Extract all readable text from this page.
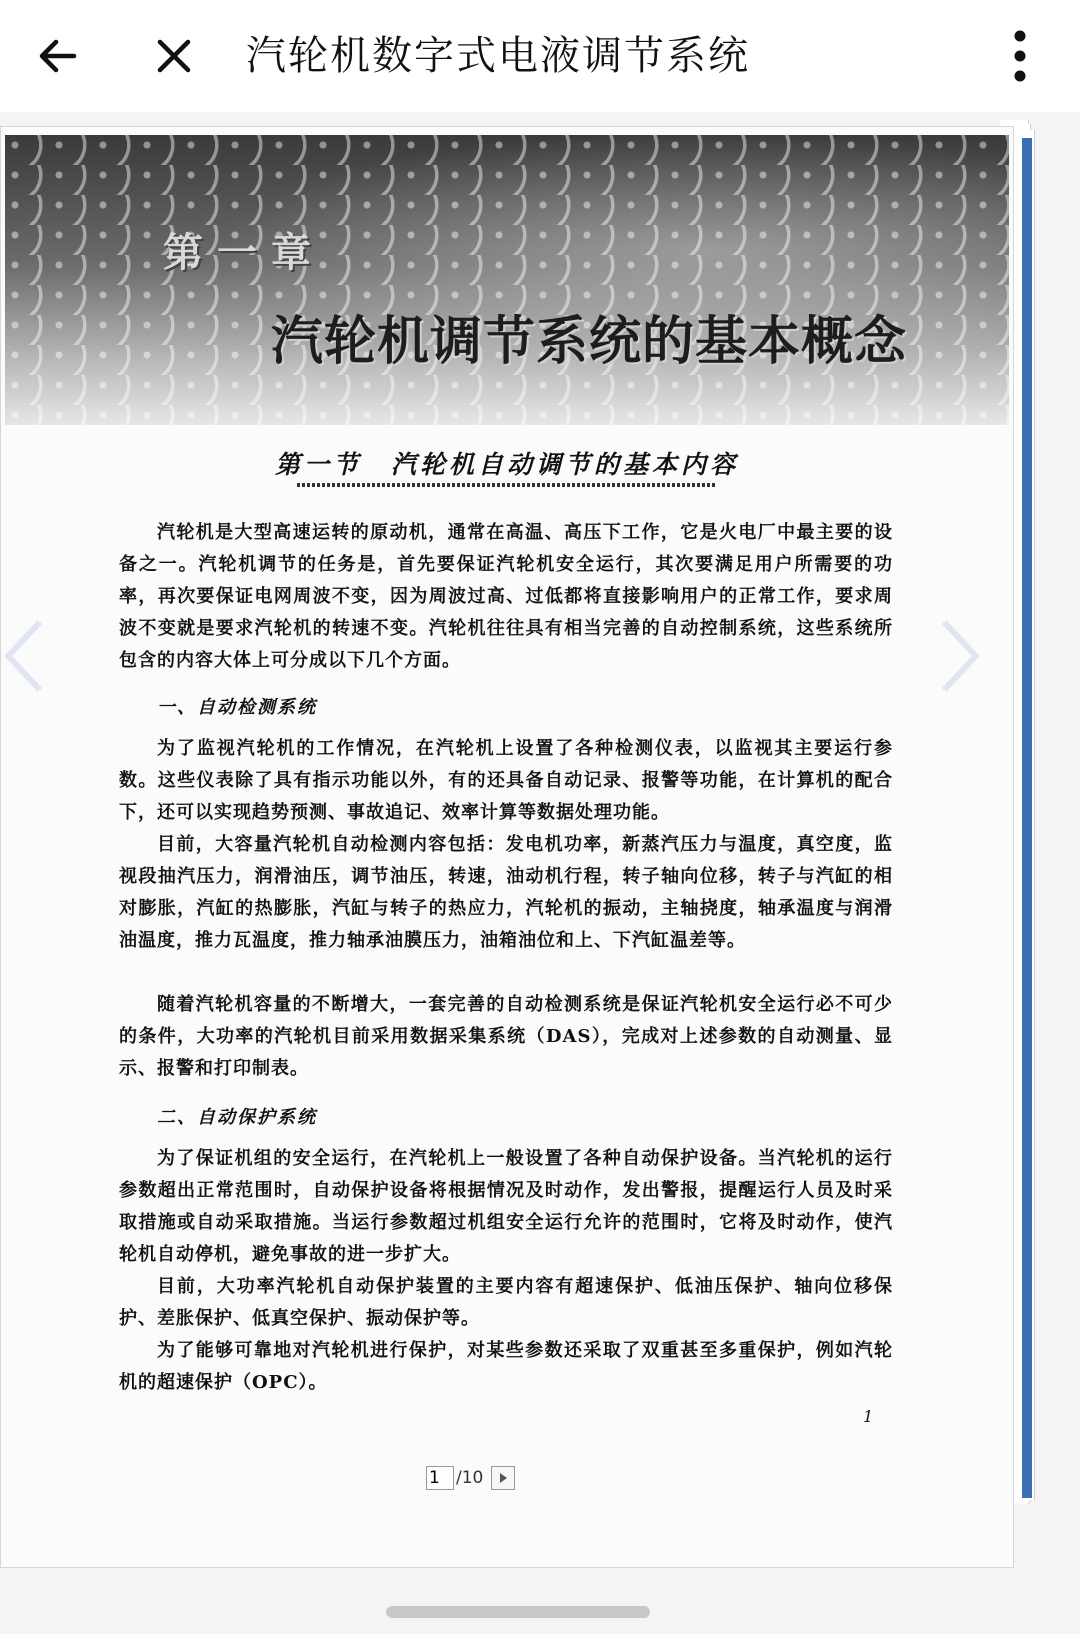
汽轮机数字式电液调节系统
第一章
汽轮机调节系统的基本概念
第一节　汽轮机自动调节的基本内容
汽轮机是大型高速运转的原动机，通常在高温、高压下工作，它是火电厂中最主要的设备之一。汽轮机调节的任务是，首先要保证汽轮机安全运行，其次要满足用户所需要的功率，再次要保证电网周波不变，因为周波过高、过低都将直接影响用户的正常工作，要求周波不变就是要求汽轮机的转速不变。汽轮机往往具有相当完善的自动控制系统，这些系统所包含的内容大体上可分成以下几个方面。
一、自动检测系统
为了监视汽轮机的工作情况，在汽轮机上设置了各种检测仪表，以监视其主要运行参数。这些仪表除了具有指示功能以外，有的还具备自动记录、报警等功能，在计算机的配合下，还可以实现趋势预测、事故追记、效率计算等数据处理功能。
目前，大容量汽轮机自动检测内容包括：发电机功率，新蒸汽压力与温度，真空度，监视段抽汽压力，润滑油压，调节油压，转速，油动机行程，转子轴向位移，转子与汽缸的相对膨胀，汽缸的热膨胀，汽缸与转子的热应力，汽轮机的振动，主轴挠度，轴承温度与润滑油温度，推力瓦温度，推力轴承油膜压力，油箱油位和上、下汽缸温差等。
随着汽轮机容量的不断增大，一套完善的自动检测系统是保证汽轮机安全运行必不可少的条件，大功率的汽轮机目前采用数据采集系统（DAS），完成对上述参数的自动测量、显示、报警和打印制表。
二、自动保护系统
为了保证机组的安全运行，在汽轮机上一般设置了各种自动保护设备。当汽轮机的运行参数超出正常范围时，自动保护设备将根据情况及时动作，发出警报，提醒运行人员及时采取措施或自动采取措施。当运行参数超过机组安全运行允许的范围时，它将及时动作，使汽轮机自动停机，避免事故的进一步扩大。
目前，大功率汽轮机自动保护装置的主要内容有超速保护、低油压保护、轴向位移保护、差胀保护、低真空保护、振动保护等。
为了能够可靠地对汽轮机进行保护，对某些参数还采取了双重甚至多重保护，例如汽轮机的超速保护（OPC）。
1
1
/10
